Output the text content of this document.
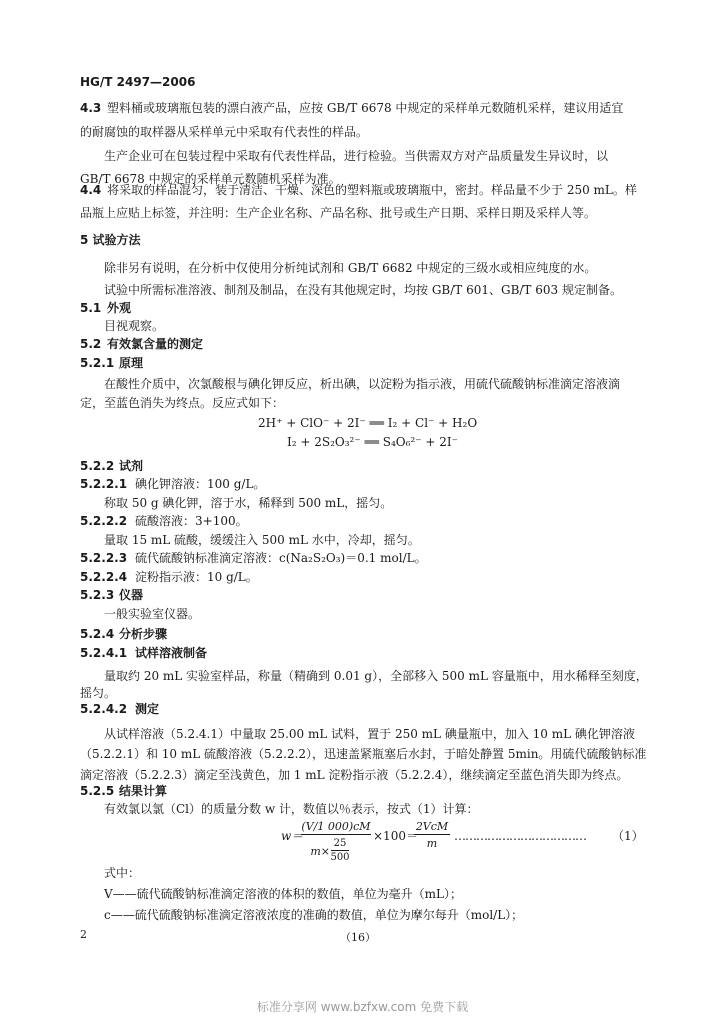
HG/T 2497—2006
4.3 塑料桶或玻璃瓶包装的漂白液产品，应按 GB/T 6678 中规定的采样单元数随机采样，建议用适宜
的耐腐蚀的取样器从采样单元中采取有代表性的样品。
生产企业可在包装过程中采取有代表性样品，进行检验。当供需双方对产品质量发生异议时，以
GB/T 6678 中规定的采样单元数随机采样为准。
4.4 将采取的样品混匀，装于清洁、干燥、深色的塑料瓶或玻璃瓶中，密封。样品量不少于 250 mL。样
品瓶上应贴上标签，并注明：生产企业名称、产品名称、批号或生产日期、采样日期及采样人等。
5 试验方法
除非另有说明，在分析中仅使用分析纯试剂和 GB/T 6682 中规定的三级水或相应纯度的水。
试验中所需标准溶液、制剂及制品，在没有其他规定时，均按 GB/T 601、GB/T 603 规定制备。
5.1 外观
目视观察。
5.2 有效氯含量的测定
5.2.1 原理
在酸性介质中，次氯酸根与碘化钾反应，析出碘，以淀粉为指示液，用硫代硫酸钠标准滴定溶液滴
定，至蓝色消失为终点。反应式如下：
2H⁺ + ClO⁻ + 2I⁻ ══ I₂ + Cl⁻ + H₂O
I₂ + 2S₂O₃²⁻ ══ S₄O₆²⁻ + 2I⁻
5.2.2 试剂
5.2.2.1 碘化钾溶液：100 g/L。
称取 50 g 碘化钾，溶于水，稀释到 500 mL，摇匀。
5.2.2.2 硫酸溶液：3+100。
量取 15 mL 硫酸，缓缓注入 500 mL 水中，冷却，摇匀。
5.2.2.3 硫代硫酸钠标准滴定溶液：c(Na₂S₂O₃)＝0.1 mol/L。
5.2.2.4 淀粉指示液：10 g/L。
5.2.3 仪器
一般实验室仪器。
5.2.4 分析步骤
5.2.4.1 试样溶液制备
量取约 20 mL 实验室样品，称量（精确到 0.01 g），全部移入 500 mL 容量瓶中，用水稀释至刻度，
摇匀。
5.2.4.2 测定
从试样溶液（5.2.4.1）中量取 25.00 mL 试料，置于 250 mL 碘量瓶中，加入 10 mL 碘化钾溶液
（5.2.2.1）和 10 mL 硫酸溶液（5.2.2.2），迅速盖紧瓶塞后水封，于暗处静置 5min。用硫代硫酸钠标准
滴定溶液（5.2.2.3）滴定至浅黄色，加 1 mL 淀粉指示液（5.2.2.4），继续滴定至蓝色消失即为终点。
5.2.5 结果计算
有效氯以氯（Cl）的质量分数 w 计，数值以％表示，按式（1）计算：
w＝
(V/1 000)cM
m×
25
500
×100＝
2VcM
m
……………………………… （1）
式中：
V——硫代硫酸钠标准滴定溶液的体积的数值，单位为毫升（mL）；
c——硫代硫酸钠标准滴定溶液浓度的准确的数值，单位为摩尔每升（mol/L）；
2	（16）
标准分享网 www.bzfxw.com 免费下载
